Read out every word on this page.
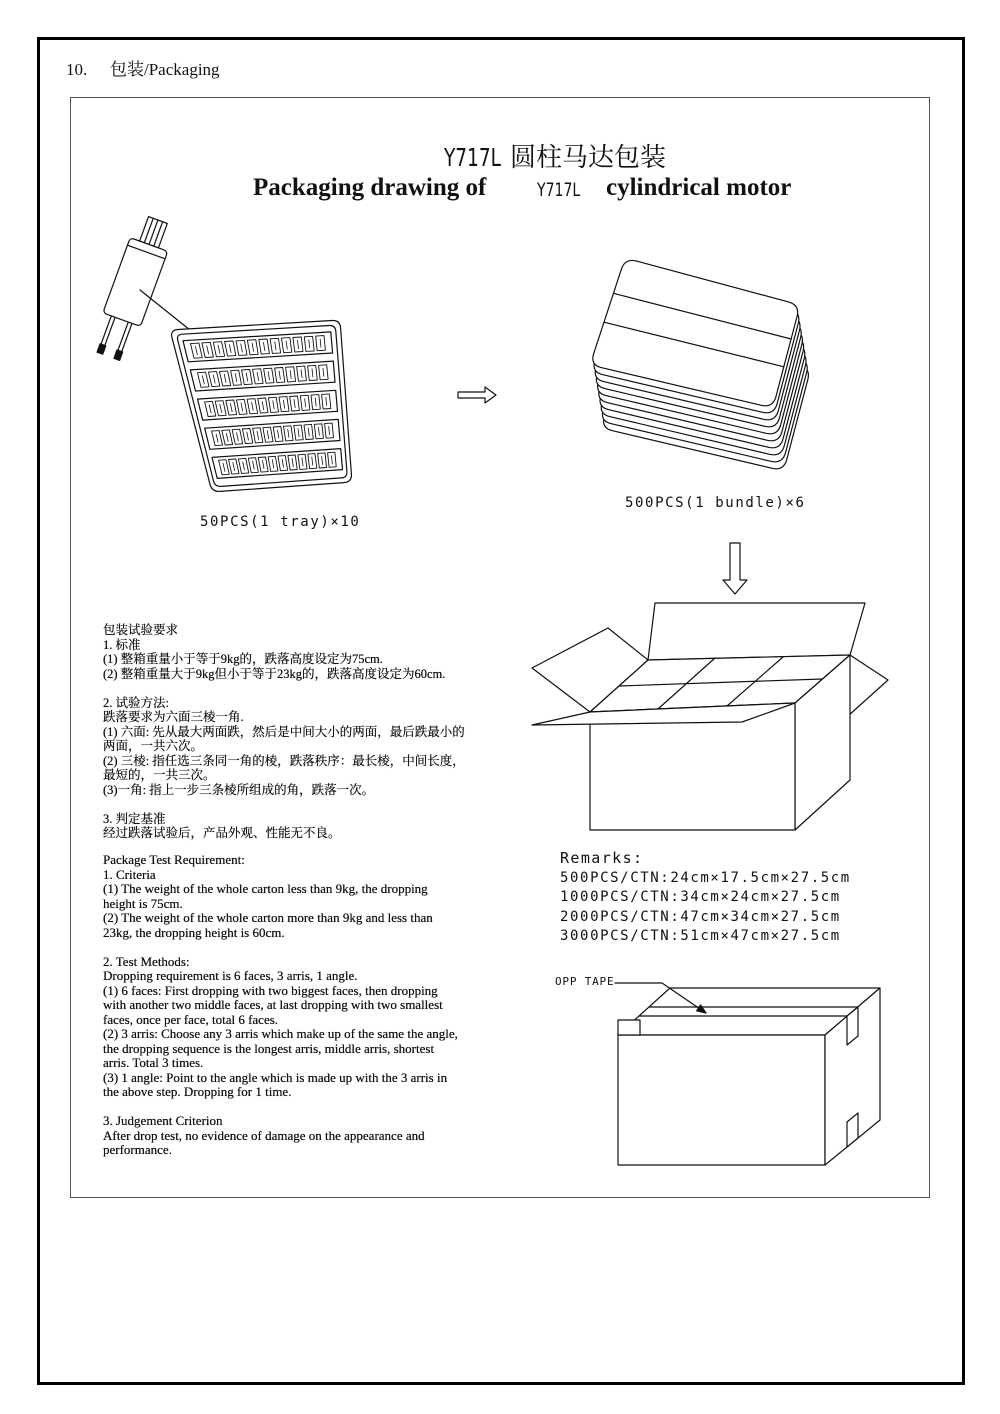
10. 包装/Packaging
Y717L 圆柱马达包装
Packaging drawing of	Y717L	cylindrical motor
50PCS(1 tray)×10
500PCS(1 bundle)×6
OPP TAPE
包装试验要求
1. 标准
(1) 整箱重量小于等于9kg的，跌落高度设定为75cm.
(2) 整箱重量大于9kg但小于等于23kg的，跌落高度设定为60cm.
2. 试验方法:
跌落要求为六面三棱一角.
(1) 六面: 先从最大两面跌，然后是中间大小的两面，最后跌最小的
两面，一共六次。
(2) 三棱: 指任选三条同一角的棱，跌落秩序：最长棱，中间长度，
最短的，一共三次。
(3)一角: 指上一步三条棱所组成的角，跌落一次。
3. 判定基准
经过跌落试验后，产品外观、性能无不良。
Package Test Requirement:
1. Criteria
(1) The weight of the whole carton less than 9kg, the dropping
height is 75cm.
(2) The weight of the whole carton more than 9kg and less than
23kg, the dropping height is 60cm.
2. Test Methods:
Dropping requirement is 6 faces, 3 arris, 1 angle.
(1) 6 faces: First dropping with two biggest faces, then dropping
with another two middle faces, at last dropping with two smallest
faces, once per face, total 6 faces.
(2) 3 arris: Choose any 3 arris which make up of the same the angle,
the dropping sequence is the longest arris, middle arris, shortest
arris. Total 3 times.
(3) 1 angle: Point to the angle which is made up with the 3 arris in
the above step. Dropping for 1 time.
3. Judgement Criterion
After drop test, no evidence of damage on the appearance and
performance.
Remarks:
500PCS/CTN:24cm×17.5cm×27.5cm
1000PCS/CTN:34cm×24cm×27.5cm
2000PCS/CTN:47cm×34cm×27.5cm
3000PCS/CTN:51cm×47cm×27.5cm
